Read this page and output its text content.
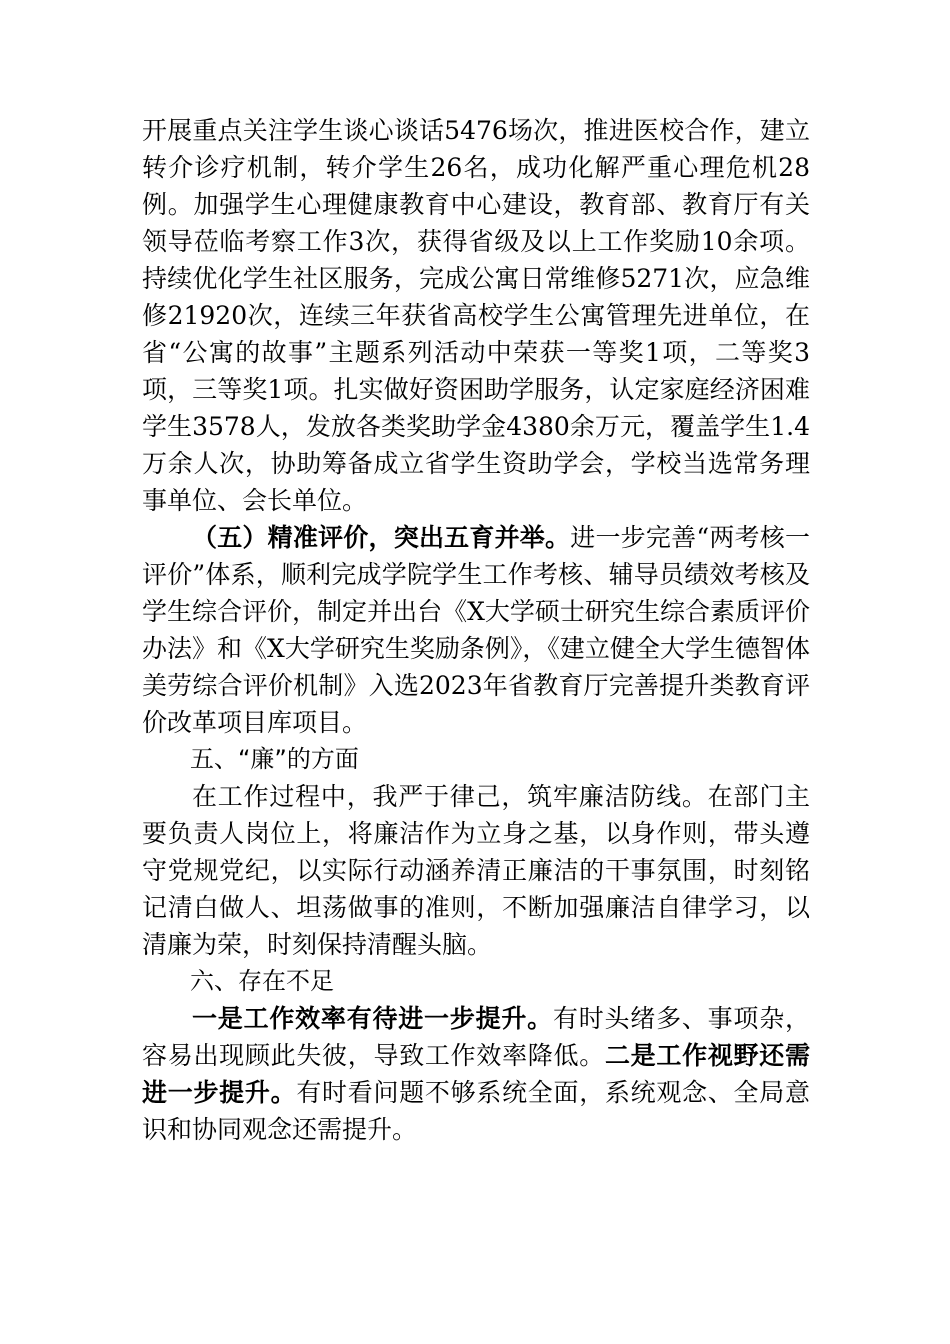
开展重点关注学生谈心谈话5476场次，推进医校合作，建立转介诊疗机制，转介学生26名，成功化解严重心理危机28例。加强学生心理健康教育中心建设，教育部、教育厅有关领导莅临考察工作3次，获得省级及以上工作奖励10余项。持续优化学生社区服务，完成公寓日常维修5271次，应急维修21920次，连续三年获省高校学生公寓管理先进单位，在省“公寓的故事”主题系列活动中荣获一等奖1项，二等奖3项，三等奖1项。扎实做好资困助学服务，认定家庭经济困难学生3578人，发放各类奖助学金4380余万元，覆盖学生1.4万余人次，协助筹备成立省学生资助学会，学校当选常务理事单位、会长单位。

（五）精准评价，突出五育并举。进一步完善“两考核一评价”体系，顺利完成学院学生工作考核、辅导员绩效考核及学生综合评价，制定并出台《X大学硕士研究生综合素质评价办法》和《X大学研究生奖励条例》，《建立健全大学生德智体美劳综合评价机制》入选2023年省教育厅完善提升类教育评价改革项目库项目。

五、“廉”的方面

在工作过程中，我严于律己，筑牢廉洁防线。在部门主要负责人岗位上，将廉洁作为立身之基，以身作则，带头遵守党规党纪，以实际行动涵养清正廉洁的干事氛围，时刻铭记清白做人、坦荡做事的准则，不断加强廉洁自律学习，以清廉为荣，时刻保持清醒头脑。

六、存在不足

一是工作效率有待进一步提升。有时头绪多、事项杂，容易出现顾此失彼，导致工作效率降低。二是工作视野还需进一步提升。有时看问题不够系统全面，系统观念、全局意识和协同观念还需提升。
